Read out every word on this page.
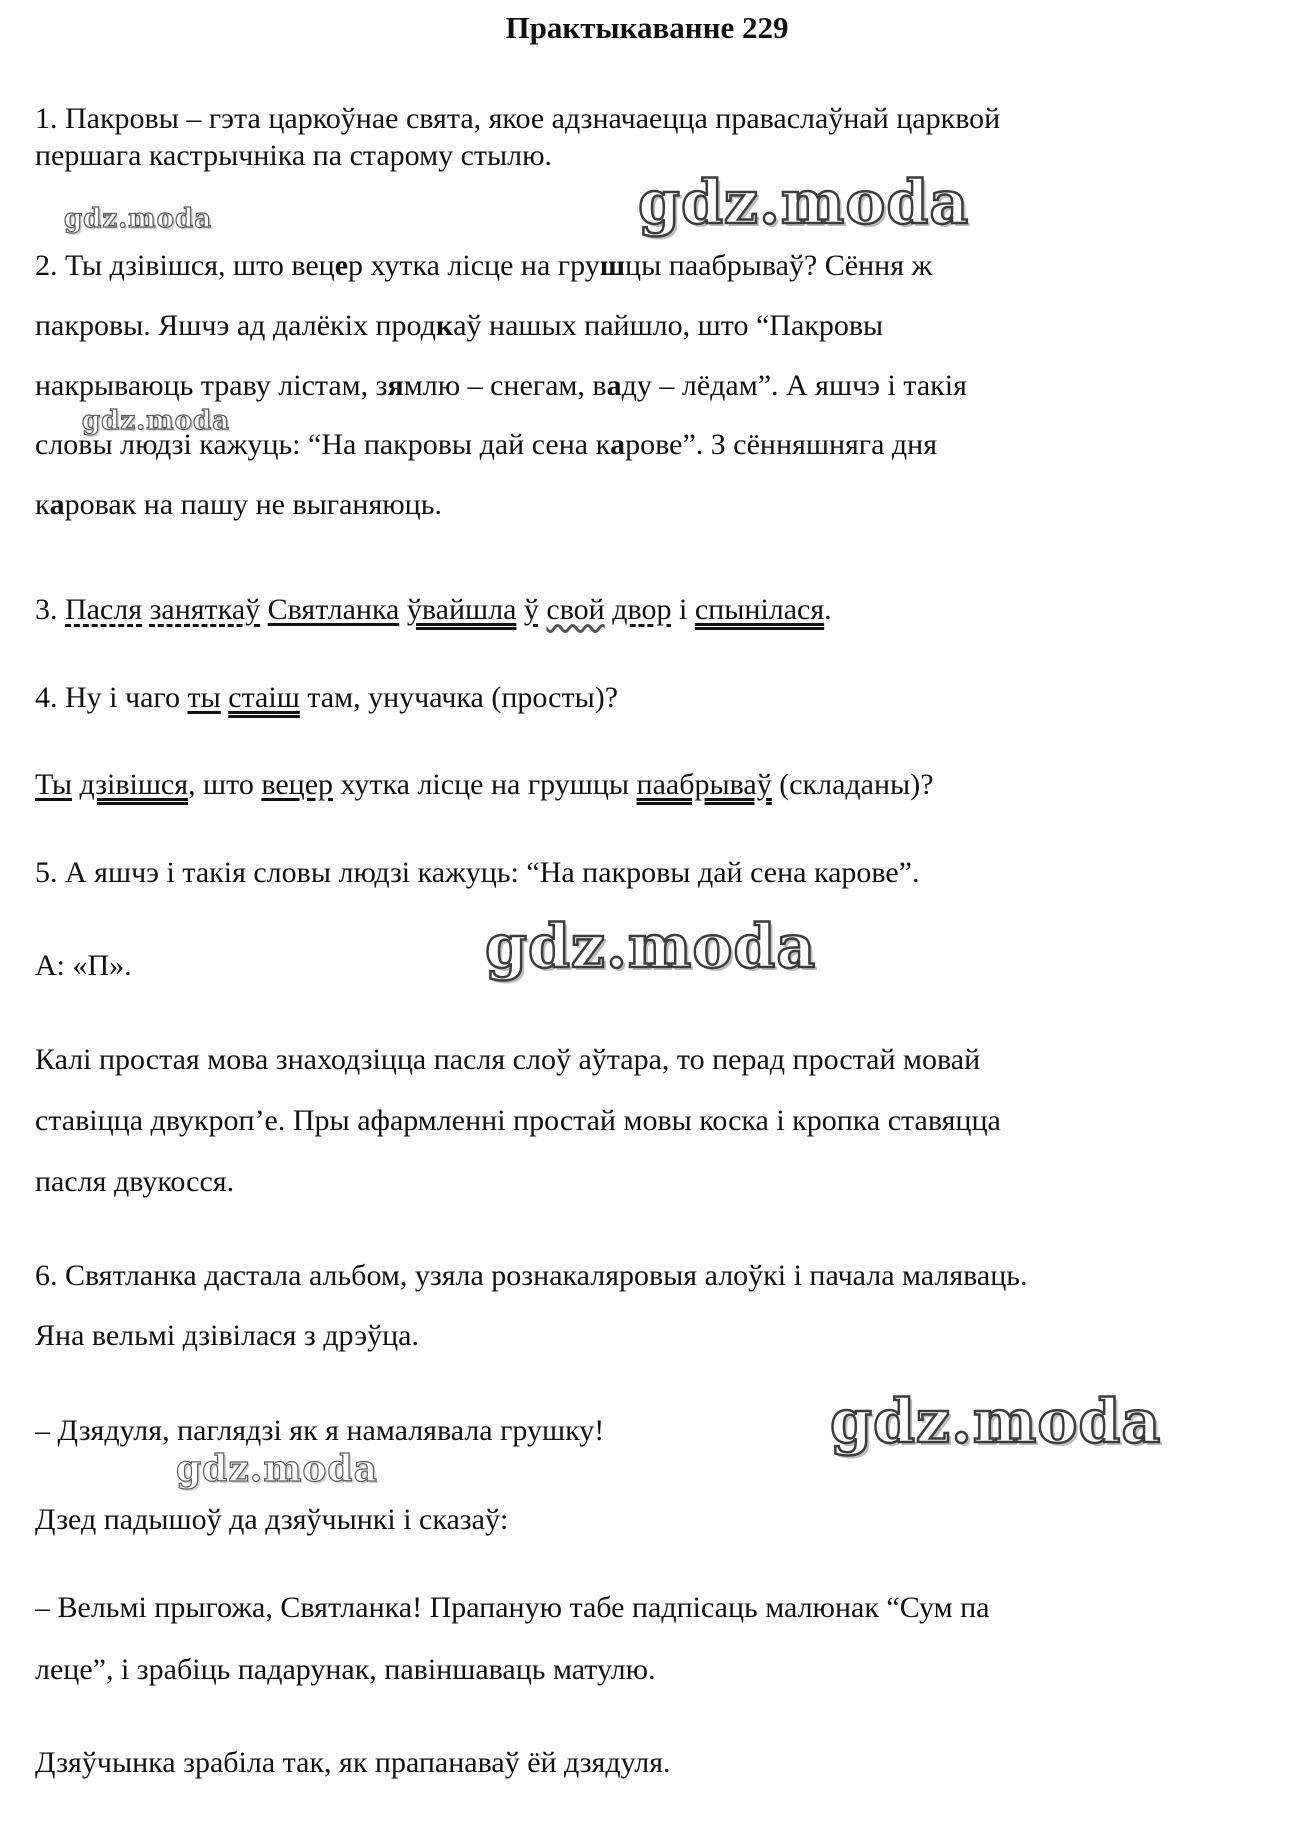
Практыкаванне 229

1. Пакровы – гэта царкоўнае свята, якое адзначаецца праваслаўнай царквой

першага кастрычніка па старому стылю.

2. Ты дзівішся, што вецер хутка лісце на грушцы паабрываў? Сёння ж

пакровы. Яшчэ ад далёкіх продкаў нашых пайшло, што “Пакровы

накрываюць траву лістам, зямлю – снегам, ваду – лёдам”. А яшчэ і такія

словы людзі кажуць: “На пакровы дай сена карове”. З сённяшняга дня

каровак на пашу не выганяюць.

3. Пасля заняткаў Святланка ўвайшла ў свой двор і спынілася.

4. Ну і чаго ты стаіш там, унучачка (просты)?

Ты дзівішся, што вецер хутка лісце на грушцы паабрываў (складаны)?

5. А яшчэ і такія словы людзі кажуць: “На пакровы дай сена карове”.

А: «П».

Калі простая мова знаходзіцца пасля слоў аўтара, то перад простай мовай

ставіцца двукроп’е. Пры афармленні простай мовы коска і кропка ставяцца

пасля двукосся.

6. Святланка дастала альбом, узяла рознакаляровыя алоўкі і пачала маляваць.

Яна вельмі дзівілася з дрэўца.

– Дзядуля, паглядзі як я намалявала грушку!

Дзед падышоў да дзяўчынкі і сказаў:

– Вельмі прыгожа, Святланка! Прапаную табе падпісаць малюнак “Сум па

леце”, і зрабіць падарунак, павіншаваць матулю.

Дзяўчынка зрабіла так, як прапанаваў ёй дзядуля.

gdz.moda
gdz.moda
gdz.moda
gdz.moda
gdz.moda
gdz.moda
